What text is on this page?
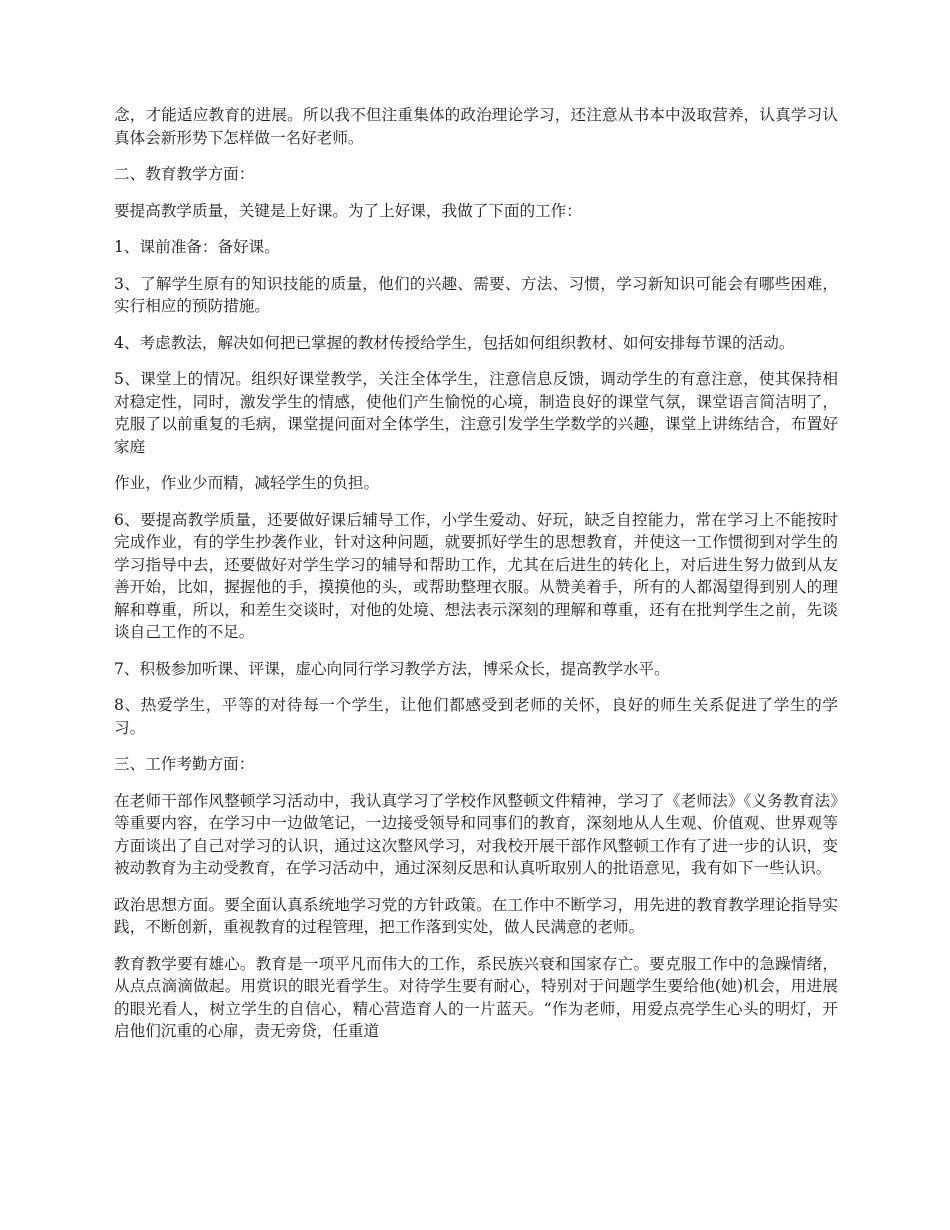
念，才能适应教育的进展。所以我不但注重集体的政治理论学习，还注意从书本中汲取营养，认真学习认真体会新形势下怎样做一名好老师。

二、教育教学方面：

要提高教学质量，关键是上好课。为了上好课，我做了下面的工作：

1、课前准备：备好课。

3、了解学生原有的知识技能的质量，他们的兴趣、需要、方法、习惯，学习新知识可能会有哪些困难，实行相应的预防措施。

4、考虑教法，解决如何把已掌握的教材传授给学生，包括如何组织教材、如何安排每节课的活动。

5、课堂上的情况。组织好课堂教学，关注全体学生，注意信息反馈，调动学生的有意注意，使其保持相对稳定性，同时，激发学生的情感，使他们产生愉悦的心境，制造良好的课堂气氛，课堂语言简洁明了，克服了以前重复的毛病，课堂提问面对全体学生，注意引发学生学数学的兴趣，课堂上讲练结合，布置好家庭

作业，作业少而精，减轻学生的负担。

6、要提高教学质量，还要做好课后辅导工作，小学生爱动、好玩，缺乏自控能力，常在学习上不能按时完成作业，有的学生抄袭作业，针对这种问题，就要抓好学生的思想教育，并使这一工作惯彻到对学生的学习指导中去，还要做好对学生学习的辅导和帮助工作，尤其在后进生的转化上，对后进生努力做到从友善开始，比如，握握他的手，摸摸他的头，或帮助整理衣服。从赞美着手，所有的人都渴望得到别人的理解和尊重，所以，和差生交谈时，对他的处境、想法表示深刻的理解和尊重，还有在批判学生之前，先谈谈自己工作的不足。

7、积极参加听课、评课，虚心向同行学习教学方法，博采众长，提高教学水平。

8、热爱学生，平等的对待每一个学生，让他们都感受到老师的关怀，良好的师生关系促进了学生的学习。

三、工作考勤方面：

在老师干部作风整顿学习活动中，我认真学习了学校作风整顿文件精神，学习了《老师法》《义务教育法》等重要内容，在学习中一边做笔记，一边接受领导和同事们的教育，深刻地从人生观、价值观、世界观等方面谈出了自己对学习的认识，通过这次整风学习，对我校开展干部作风整顿工作有了进一步的认识，变被动教育为主动受教育，在学习活动中，通过深刻反思和认真听取别人的批语意见，我有如下一些认识。

政治思想方面。要全面认真系统地学习党的方针政策。在工作中不断学习，用先进的教育教学理论指导实践，不断创新，重视教育的过程管理，把工作落到实处，做人民满意的老师。

教育教学要有雄心。教育是一项平凡而伟大的工作，系民族兴衰和国家存亡。要克服工作中的急躁情绪，从点点滴滴做起。用赏识的眼光看学生。对待学生要有耐心，特别对于问题学生要给他(她)机会，用进展的眼光看人，树立学生的自信心，精心营造育人的一片蓝天。“作为老师，用爱点亮学生心头的明灯，开启他们沉重的心扉，责无旁贷，任重道
